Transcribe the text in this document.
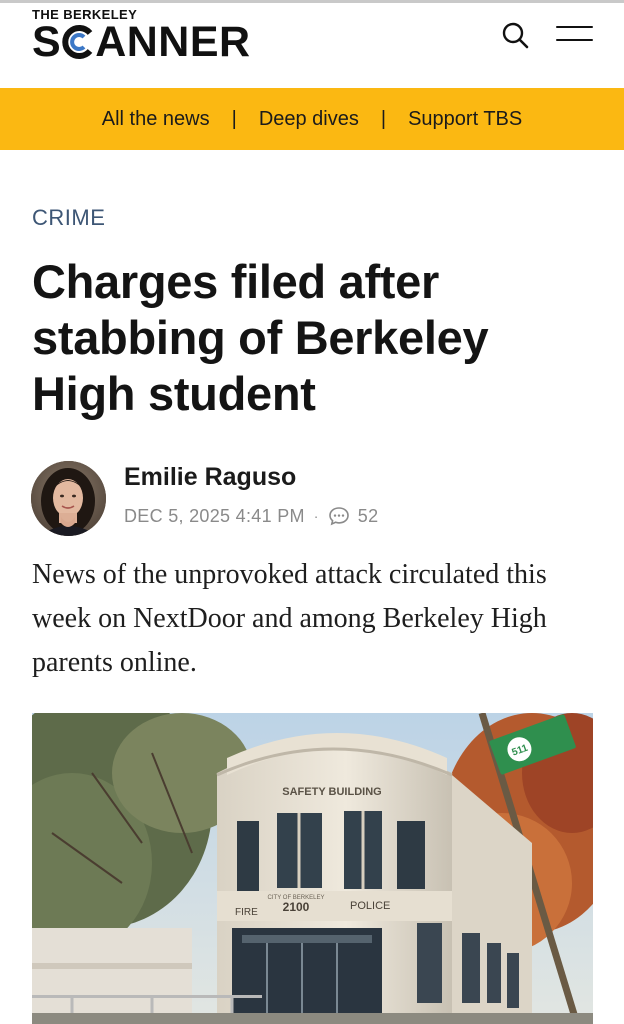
THE BERKELEY
S ANNER
All the news | Deep dives | Support TBS
CRIME
Charges filed after stabbing of Berkeley High student
Emilie Raguso
DEC 5, 2025 4:41 PM · 52

News of the unprovoked attack circulated this week on NextDoor and among Berkeley High parents online.

511
SAFETY BUILDING
CITY OF BERKELEY
2100
FIRE
POLICE
